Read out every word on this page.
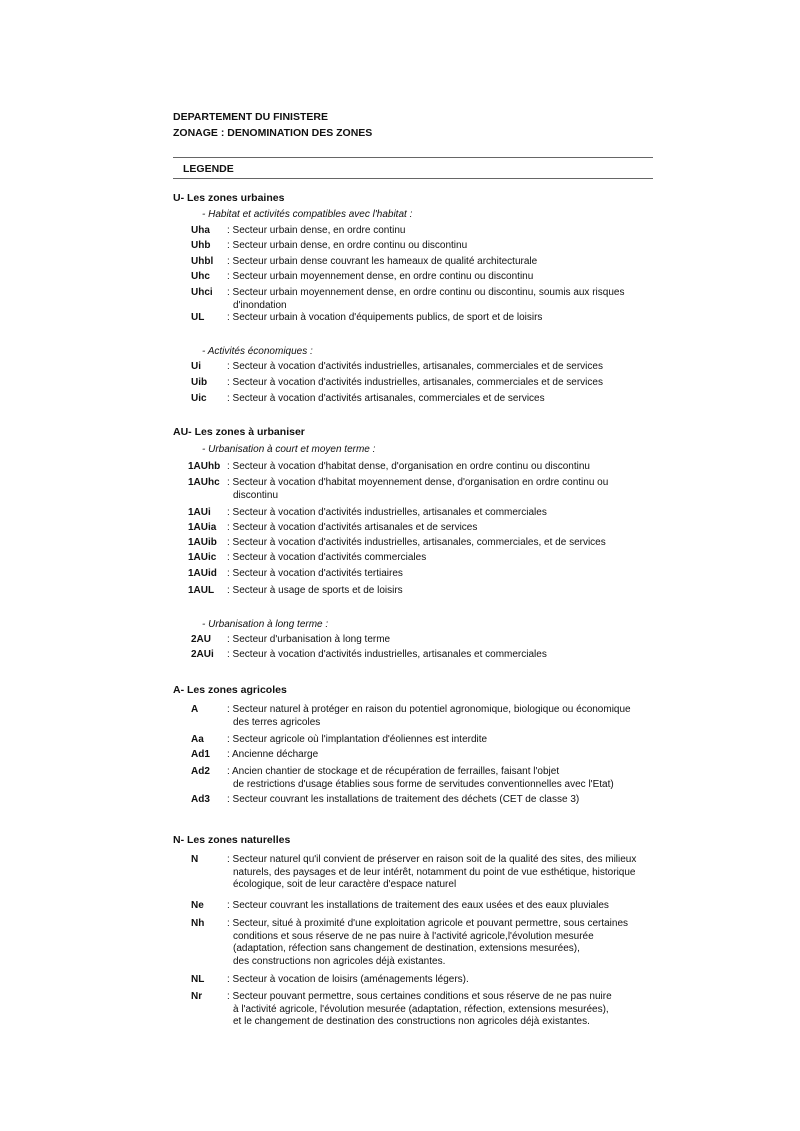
DEPARTEMENT DU FINISTERE
ZONAGE : DENOMINATION DES ZONES
LEGENDE
U- Les zones urbaines
- Habitat et activités compatibles avec l'habitat :
Uha	: Secteur urbain dense, en ordre continu
Uhb	: Secteur urbain dense, en ordre continu ou discontinu
Uhbl	: Secteur urbain dense couvrant les hameaux de qualité architecturale
Uhc	: Secteur urbain moyennement dense, en ordre continu ou discontinu
Uhci	: Secteur urbain moyennement dense, en ordre continu ou discontinu, soumis aux risques
d'inondation
UL	: Secteur urbain à vocation d'équipements publics, de sport et de loisirs
- Activités économiques :
Ui	: Secteur à vocation d'activités industrielles, artisanales, commerciales et de services
Uib	: Secteur à vocation d'activités industrielles, artisanales, commerciales et de services
Uic	: Secteur à vocation d'activités artisanales, commerciales et de services
AU- Les zones à urbaniser
- Urbanisation à court et moyen terme :
1AUhb : Secteur à vocation d'habitat dense, d'organisation en ordre continu ou discontinu
1AUhc : Secteur à vocation d'habitat moyennement dense, d'organisation en ordre continu ou
discontinu
1AUi	: Secteur à vocation d'activités industrielles, artisanales et commerciales
1AUia	: Secteur à vocation d'activités artisanales et de services
1AUib	: Secteur à vocation d'activités industrielles, artisanales, commerciales, et de services
1AUic	: Secteur à vocation d'activités commerciales
1AUid	: Secteur à vocation d'activités tertiaires
1AUL	: Secteur à usage de sports et de loisirs
- Urbanisation à long terme :
2AU	: Secteur d'urbanisation à long terme
2AUi	: Secteur à vocation d'activités industrielles, artisanales et commerciales
A- Les zones agricoles
A	: Secteur naturel à protéger en raison du potentiel agronomique, biologique ou économique
des terres agricoles
Aa	: Secteur agricole où l'implantation d'éoliennes est interdite
Ad1	: Ancienne décharge
Ad2	: Ancien chantier de stockage et de récupération de ferrailles, faisant l'objet
de restrictions d'usage établies sous forme de servitudes conventionnelles avec l'Etat)
Ad3	: Secteur couvrant les installations de traitement des déchets (CET de classe 3)
N- Les zones naturelles
N	: Secteur naturel qu'il convient de préserver en raison soit de la qualité des sites, des milieux
naturels, des paysages et de leur intérêt, notamment du point de vue esthétique, historique
écologique, soit de leur caractère d'espace naturel
Ne	: Secteur couvrant les installations de traitement des eaux usées et des eaux pluviales
Nh	: Secteur, situé à proximité d'une exploitation agricole et pouvant permettre, sous certaines
conditions et sous réserve de ne pas nuire à l'activité agricole,l'évolution mesurée
(adaptation, réfection sans changement de destination, extensions mesurées),
des constructions non agricoles déjà existantes.
NL	: Secteur à vocation de loisirs (aménagements légers).
Nr	: Secteur pouvant permettre, sous certaines conditions et sous réserve de ne pas nuire
à l'activité agricole, l'évolution mesurée (adaptation, réfection, extensions mesurées),
et le changement de destination des constructions non agricoles déjà existantes.
